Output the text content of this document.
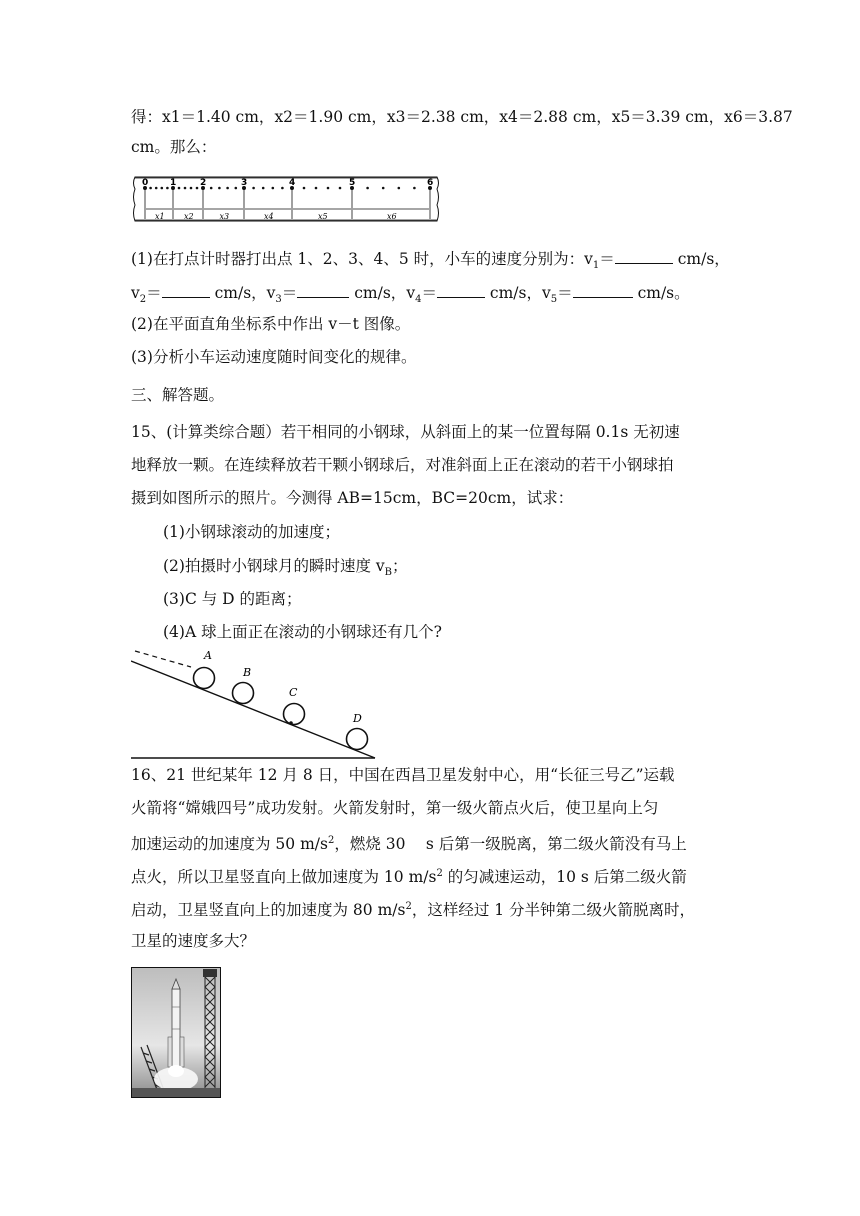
得：x1＝1.40 cm，x2＝1.90 cm，x3＝2.38 cm，x4＝2.88 cm，x5＝3.39 cm，x6＝3.87
cm。那么：
0 1	2	3	4	5	6
x1 x2	x3	x4	x5	x6
(1)在打点计时器打出点 1、2、3、4、5 时，小车的速度分别为：$v_1=$	cm/s，
$v_2=$	cm/s，$v_3=$	cm/s，$v_4=$	cm/s，$v_5=$	cm/s。
(2)在平面直角坐标系中作出 v－t 图像。
(3)分析小车运动速度随时间变化的规律。
三、解答题。
15、(计算类综合题）若干相同的小钢球，从斜面上的某一位置每隔 0.1s 无初速
地释放一颗。在连续释放若干颗小钢球后，对准斜面上正在滚动的若干小钢球拍
摄到如图所示的照片。今测得 AB=15cm，BC=20cm，试求：
(1)小钢球滚动的加速度；
(2)拍摄时小钢球月的瞬时速度 $v_B$；
(3)C 与 D 的距离；
(4)A 球上面正在滚动的小钢球还有几个?
A
B
C
D
16、21 世纪某年 12 月 8 日，中国在西昌卫星发射中心，用“长征三号乙”运载
火箭将“嫦娥四号”成功发射。火箭发射时，第一级火箭点火后，使卫星向上匀
加速运动的加速度为 50 $m/s^2$，燃烧 30　 s 后第一级脱离，第二级火箭没有马上
点火，所以卫星竖直向上做加速度为 10 $m/s^2$ 的匀减速运动，10 s 后第二级火箭
启动，卫星竖直向上的加速度为 80 $m/s^2$，这样经过 1 分半钟第二级火箭脱离时，
卫星的速度多大？
